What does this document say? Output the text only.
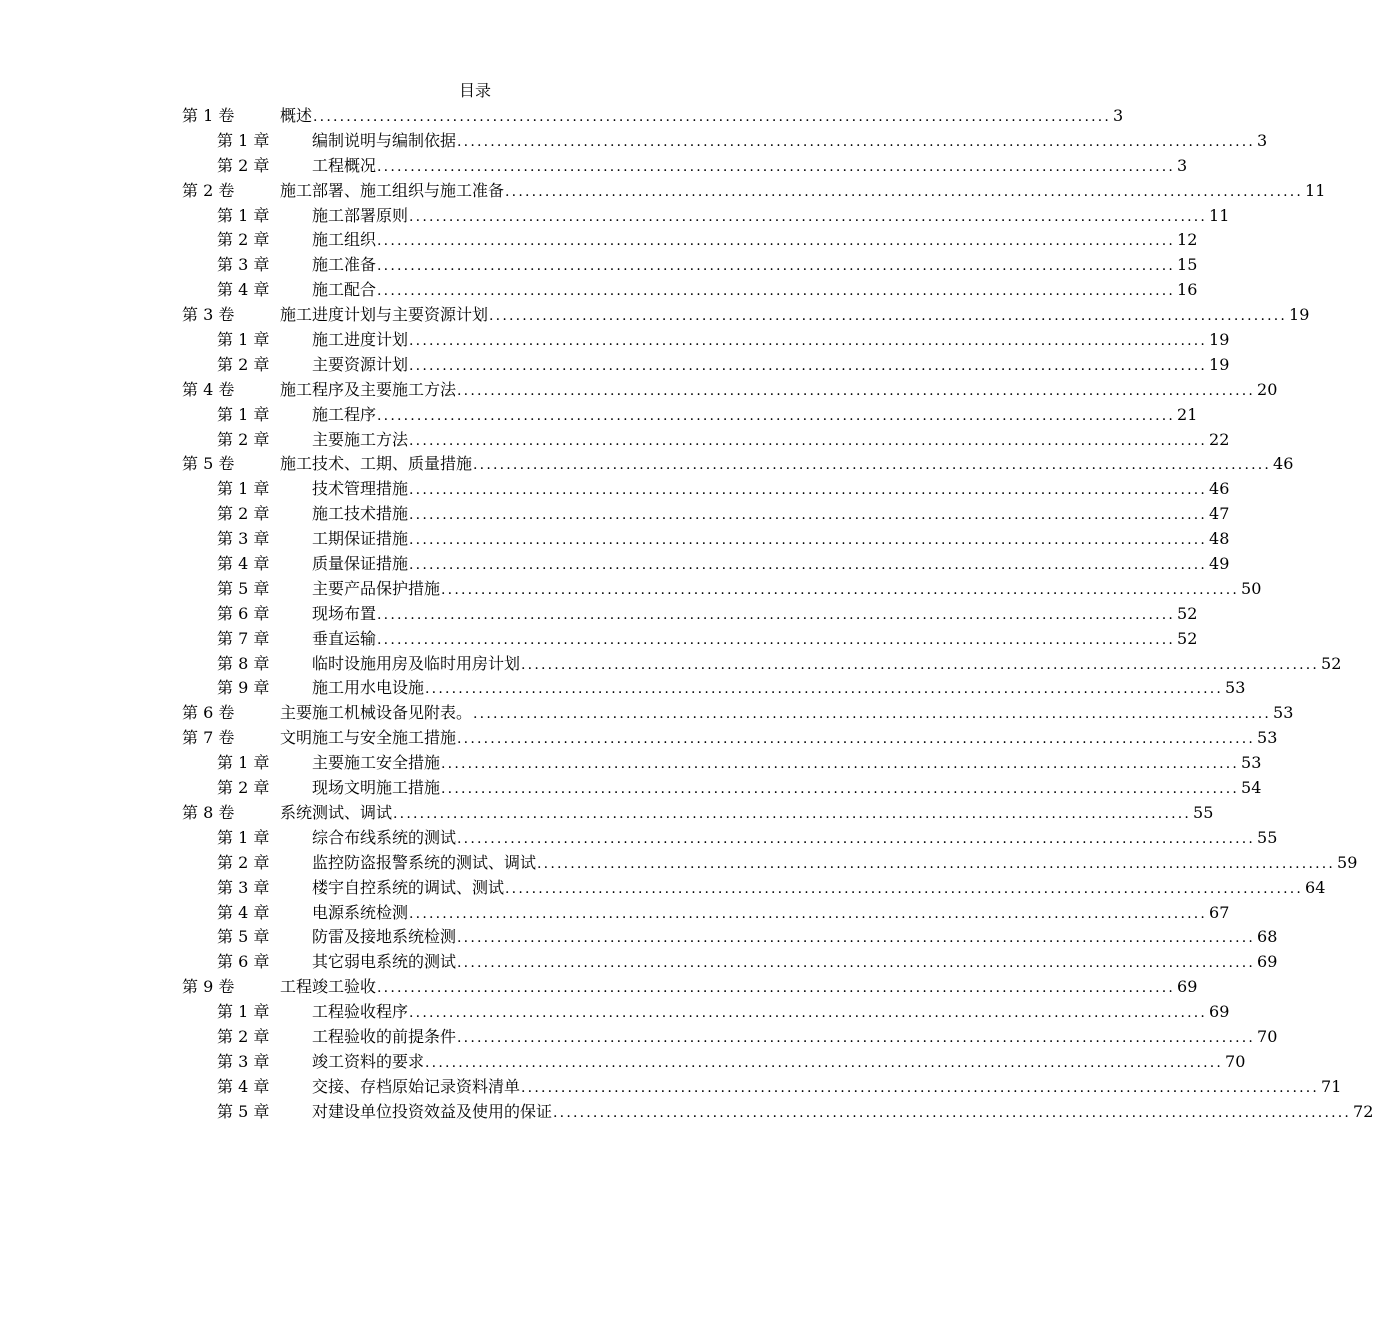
目录
第 1 卷	概述 ........................................................................................................................ 3
第 1 章	编制说明与编制依据 ........................................................................................................................ 3
第 2 章	工程概况 ........................................................................................................................ 3
第 2 卷	施工部署、施工组织与施工准备 ........................................................................................................................ 11
第 1 章	施工部署原则 ........................................................................................................................ 11
第 2 章	施工组织 ........................................................................................................................ 12
第 3 章	施工准备 ........................................................................................................................ 15
第 4 章	施工配合 ........................................................................................................................ 16
第 3 卷	施工进度计划与主要资源计划 ........................................................................................................................ 19
第 1 章	施工进度计划 ........................................................................................................................ 19
第 2 章	主要资源计划 ........................................................................................................................ 19
第 4 卷	施工程序及主要施工方法 ........................................................................................................................ 20
第 1 章	施工程序 ........................................................................................................................ 21
第 2 章	主要施工方法 ........................................................................................................................ 22
第 5 卷	施工技术、工期、质量措施 ........................................................................................................................ 46
第 1 章	技术管理措施 ........................................................................................................................ 46
第 2 章	施工技术措施 ........................................................................................................................ 47
第 3 章	工期保证措施 ........................................................................................................................ 48
第 4 章	质量保证措施 ........................................................................................................................ 49
第 5 章	主要产品保护措施 ........................................................................................................................ 50
第 6 章	现场布置 ........................................................................................................................ 52
第 7 章	垂直运输 ........................................................................................................................ 52
第 8 章	临时设施用房及临时用房计划 ........................................................................................................................ 52
第 9 章	施工用水电设施 ........................................................................................................................ 53
第 6 卷	主要施工机械设备见附表。 ........................................................................................................................ 53
第 7 卷	文明施工与安全施工措施 ........................................................................................................................ 53
第 1 章	主要施工安全措施 ........................................................................................................................ 53
第 2 章	现场文明施工措施 ........................................................................................................................ 54
第 8 卷	系统测试、调试 ........................................................................................................................ 55
第 1 章	综合布线系统的测试 ........................................................................................................................ 55
第 2 章	监控防盗报警系统的测试、调试 ........................................................................................................................ 59
第 3 章	楼宇自控系统的调试、测试 ........................................................................................................................ 64
第 4 章	电源系统检测 ........................................................................................................................ 67
第 5 章	防雷及接地系统检测 ........................................................................................................................ 68
第 6 章	其它弱电系统的测试 ........................................................................................................................ 69
第 9 卷	工程竣工验收 ........................................................................................................................ 69
第 1 章	工程验收程序 ........................................................................................................................ 69
第 2 章	工程验收的前提条件 ........................................................................................................................ 70
第 3 章	竣工资料的要求 ........................................................................................................................ 70
第 4 章	交接、存档原始记录资料清单 ........................................................................................................................ 71
第 5 章	对建设单位投资效益及使用的保证 ........................................................................................................................ 72
